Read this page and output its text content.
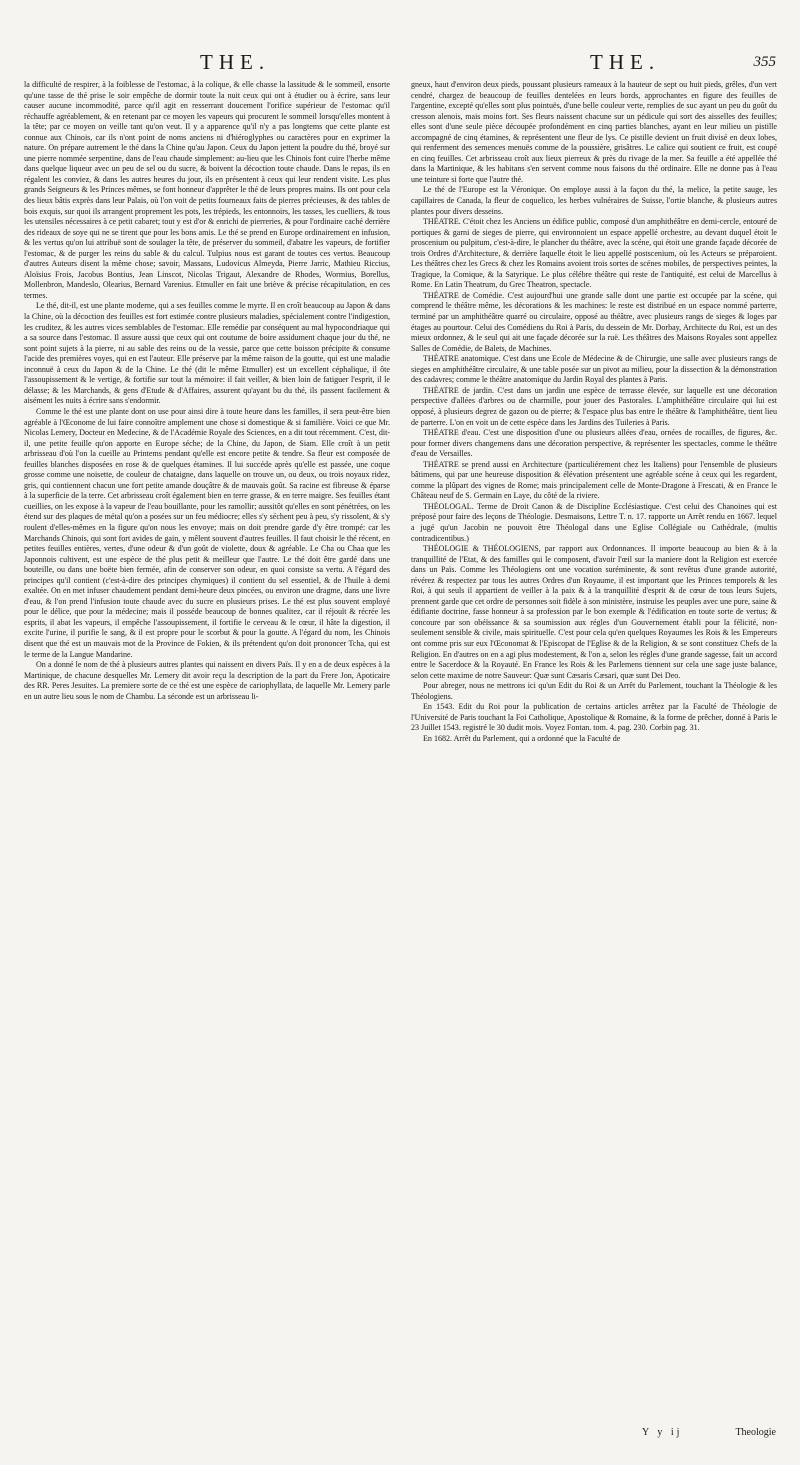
THE.	THE.	355

la difficulté de respirer, à la foiblesse de l'estomac, à la colique, & elle chasse la lassitude & le sommeil, ensorte qu'une tasse de thé prise le soir empêche de dormir toute la nuit ceux qui ont à étudier ou à écrire, sans leur causer aucune incommodité, parce qu'il agit en resserrant doucement l'orifice supérieur de l'estomac qu'il réchauffe agréablement, & en retenant par ce moyen les vapeurs qui procurent le sommeil lorsqu'elles montent à la tête; par ce moyen on veille tant qu'on veut. Il y a apparence qu'il n'y a pas longtems que cette plante est connue aux Chinois, car ils n'ont point de noms anciens ni d'hiéroglyphes ou caractères pour en exprimer la nature. On prépare autrement le thé dans la Chine qu'au Japon. Ceux du Japon jettent la poudre du thé, broyé sur une pierre nommée serpentine, dans de l'eau chaude simplement: au-lieu que les Chinois font cuire l'herbe même dans quelque liqueur avec un peu de sel ou du sucre, & boivent la décoction toute chaude. Dans le repas, ils en régalent les conviez, & dans les autres heures du jour, ils en présentent à ceux qui leur rendent visite. Les plus grands Seigneurs & les Princes mêmes, se font honneur d'apprêter le thé de leurs propres mains. Ils ont pour cela des lieux bâtis exprès dans leur Palais, où l'on voit de petits fourneaux faits de pierres précieuses, & des tables de bois exquis, sur quoi ils arrangent proprement les pots, les trépieds, les entonnoirs, les tasses, les cuelliers, & tous les utensiles nécessaires à ce petit cabaret; tout y est d'or & enrichi de pierreries, & pour l'ordinaire caché derrière des rideaux de soye qui ne se tirent que pour les bons amis. Le thé se prend en Europe ordinairement en infusion, & les vertus qu'on lui attribuë sont de soulager la tête, de préserver du sommeil, d'abatre les vapeurs, de fortifier l'estomac, & de purger les reins du sable & du calcul. Tulpius nous est garant de toutes ces vertus. Beaucoup d'autres Auteurs disent la même chose; savoir, Massans, Ludovicus Almeyda, Pierre Jarric, Mathieu Riccius, Aloïsius Frois, Jacobus Bontius, Jean Linscot, Nicolas Trigaut, Alexandre de Rhodes, Wormius, Borellus, Mollenbron, Mandeslo, Olearius, Bernard Varenius. Etmuller en fait une briève & précise récapitulation, en ces termes.

Le thé, dit-il, est une plante moderne, qui a ses feuilles comme le myrte. Il en croît beaucoup au Japon & dans la Chine, où la décoction des feuilles est fort estimée contre plusieurs maladies, spécialement contre l'indigestion, les cruditez, & les autres vices semblables de l'estomac. Elle remédie par conséquent au mal hypocondriaque qui a sa source dans l'estomac. Il assure aussi que ceux qui ont coutume de boire assidument chaque jour du thé, ne sont point sujets à la pierre, ni au sable des reins ou de la vessie, parce que cette boisson précipite & consume l'acide des premières voyes, qui en est l'auteur. Elle préserve par la même raison de la goutte, qui est une maladie inconnuë à ceux du Japon & de la Chine. Le thé (dit le même Etmuller) est un excellent céphalique, il ôte l'assoupissement & le vertige, & fortifie sur tout la mémoire: il fait veiller, & bien loin de fatiguer l'esprit, il le délasse; & les Marchands, & gens d'Etude & d'Affaires, assurent qu'ayant bu du thé, ils passent facilement & aisément les nuits à écrire sans s'endormir.

Comme le thé est une plante dont on use pour ainsi dire à toute heure dans les familles, il sera peut-être bien agréable à l'Œconome de lui faire connoître amplement une chose si domestique & si familière. Voici ce que Mr. Nicolas Lemery, Docteur en Medecine, & de l'Académie Royale des Sciences, en a dit tout récemment. C'est, dit-il, une petite feuille qu'on apporte en Europe séche; de la Chine, du Japon, de Siam. Elle croît à un petit arbrisseau d'où l'on la cueille au Printems pendant qu'elle est encore petite & tendre. Sa fleur est composée de feuilles blanches disposées en rose & de quelques étamines. Il lui succéde après qu'elle est passée, une coque grosse comme une noisette, de couleur de chataigne, dans laquelle on trouve un, ou deux, ou trois noyaux ridez, gris, qui contiennent chacun une fort petite amande douçâtre & de mauvais goût. Sa racine est fibreuse & éparse à la superficie de la terre. Cet arbrisseau croît également bien en terre grasse, & en terre maigre. Ses feuilles étant cueillies, on les expose à la vapeur de l'eau bouillante, pour les ramollir; aussitôt qu'elles en sont pénétrées, on les étend sur des plaques de métal qu'on a posées sur un feu médiocre; elles s'y séchent peu à peu, s'y rissolent, & s'y roulent d'elles-mêmes en la figure qu'on nous les envoye; mais on doit prendre garde d'y être trompé: car les Marchands Chinois, qui sont fort avides de gain, y mêlent souvent d'autres feuilles. Il faut choisir le thé récent, en petites feuilles entières, vertes, d'une odeur & d'un goût de violette, doux & agréable. Le Cha ou Chaa que les Japonnois cultivent, est une espèce de thé plus petit & meilleur que l'autre. Le thé doit être gardé dans une bouteille, ou dans une boëte bien fermée, afin de conserver son odeur, en quoi consiste sa vertu. A l'égard des principes qu'il contient (c'est-à-dire des principes chymiques) il contient du sel essentiel, & de l'huile à demi exaltée. On en met infuser chaudement pendant demi-heure deux pincées, ou environ une dragme, dans une livre d'eau, & l'on prend l'infusion toute chaude avec du sucre en plusieurs prises. Le thé est plus souvent employé pour le délice, que pour la médecine; mais il posséde beaucoup de bonnes qualitez, car il réjouït & récrée les esprits, il abat les vapeurs, il empêche l'assoupissement, il fortifie le cerveau & le cœur, il hâte la digestion, il excite l'urine, il purifie le sang, & il est propre pour le scorbut & pour la goutte. A l'égard du nom, les Chinois disent que thé est un mauvais mot de la Province de Fokien, & ils prétendent qu'on doit prononcer Tcha, qui est le terme de la Langue Mandarine.

On a donné le nom de thé à plusieurs autres plantes qui naissent en divers Païs. Il y en a de deux espèces à la Martinique, de chacune desquelles Mr. Lemery dit avoir reçu la description de la part du Frere Jon, Apoticaire des RR. Peres Jesuites. La premiere sorte de ce thé est une espèce de cariophyllata, de laquelle Mr. Lemery parle en un autre lieu sous le nom de Chambu. La séconde est un arbrisseau li-

gneux, haut d'environ deux pieds, poussant plusieurs rameaux à la hauteur de sept ou huit pieds, grêles, d'un vert cendré, chargez de beaucoup de feuilles dentelées en leurs bords, approchantes en figure des feuilles de l'argentine, excepté qu'elles sont plus pointuës, d'une belle couleur verte, remplies de suc ayant un peu du goût du cresson alenois, mais moins fort. Ses fleurs naissent chacune sur un pédicule qui sort des aisselles des feuilles; elles sont d'une seule pièce découpée profondément en cinq parties blanches, ayant en leur milieu un pistille accompagné de cinq étamines, & représentent une fleur de lys. Ce pistille devient un fruit divisé en deux lobes, qui renferment des semences menuës comme de la poussière, grisâtres. Le calice qui soutient ce fruit, est coupé en cinq feuilles. Cet arbrisseau croît aux lieux pierreux & près du rivage de la mer. Sa feuille a été appellée thé dans la Martinique, & les habitans s'en servent comme nous faisons du thé ordinaire. Elle ne donne pas à l'eau une teinture si forte que l'autre thé.

Le thé de l'Europe est la Véronique. On employe aussi à la façon du thé, la melice, la petite sauge, les capillaires de Canada, la fleur de coquelico, les herbes vulnéraires de Suisse, l'ortie blanche, & plusieurs autres plantes pour divers desseins.

THÉATRE. C'étoit chez les Anciens un édifice public, composé d'un amphithéâtre en demi-cercle, entouré de portiques & garni de sieges de pierre, qui environnoient un espace appellé orchestre, au devant duquel étoit le proscenium ou pulpitum, c'est-à-dire, le plancher du théâtre, avec la scéne, qui étoit une grande façade décorée de trois Ordres d'Architecture, & derrière laquelle étoit le lieu appellé postscenium, où les Acteurs se préparoient. Les théâtres chez les Grecs & chez les Romains avoient trois sortes de scénes mobiles, de perspectives peintes, la Tragique, la Comique, & la Satyrique. Le plus célébre théâtre qui reste de l'antiquité, est celui de Marcellus à Rome. En Latin Theatrum, du Grec Theatron, spectacle.

THÉATRE de Comédie. C'est aujourd'hui une grande salle dont une partie est occupée par la scéne, qui comprend le théâtre même, les décorations & les machines: le reste est distribué en un espace nommé parterre, terminé par un amphithéâtre quarré ou circulaire, opposé au théâtre, avec plusieurs rangs de sieges & loges par étages au pourtour. Celui des Comédiens du Roi à Paris, du dessein de Mr. Dorbay, Architecte du Roi, est un des mieux ordonnez, & le seul qui ait une façade décorée sur la ruë. Les théâtres des Maisons Royales sont appellez Salles de Comédie, de Balets, de Machines.

THÉATRE anatomique. C'est dans une Ecole de Médecine & de Chirurgie, une salle avec plusieurs rangs de sieges en amphithéâtre circulaire, & une table posée sur un pivot au milieu, pour la dissection & la démonstration des cadavres; comme le théâtre anatomique du Jardin Royal des plantes à Paris.

THÉATRE de jardin. C'est dans un jardin une espèce de terrasse élevée, sur laquelle est une décoration perspective d'allées d'arbres ou de charmille, pour jouer des Pastorales. L'amphithéâtre circulaire qui lui est opposé, à plusieurs degrez de gazon ou de pierre; & l'espace plus bas entre le théâtre & l'amphithéâtre, tient lieu de parterre. L'on en voit un de cette espèce dans les Jardins des Tuileries à Paris.

THÉATRE d'eau. C'est une disposition d'une ou plusieurs allées d'eau, ornées de rocailles, de figures, &c. pour former divers changemens dans une décoration perspective, & représenter les spectacles, comme le théâtre d'eau de Versailles.

THÉATRE se prend aussi en Architecture (particuliérement chez les Italiens) pour l'ensemble de plusieurs bâtimens, qui par une heureuse disposition & élévation présentent une agréable scéne à ceux qui les regardent, comme la plûpart des vignes de Rome; mais principalement celle de Monte-Dragone à Frescati, & en France le Château neuf de S. Germain en Laye, du côté de la riviere.

THÉOLOGAL. Terme de Droit Canon & de Discipline Ecclésiastique. C'est celui des Chanoines qui est préposé pour faire des leçons de Théologie. Desmaisons, Lettre T. n. 17. rapporte un Arrêt rendu en 1667. lequel a jugé qu'un Jacobin ne pouvoit être Théologal dans une Eglise Collégiale ou Cathédrale, (multis contradicentibus.)

THÉOLOGIE & THÉOLOGIENS, par rapport aux Ordonnances. Il importe beaucoup au bien & à la tranquillité de l'Etat, & des familles qui le composent, d'avoir l'œil sur la maniere dont la Religion est exercée dans un Païs. Comme les Théologiens ont une vocation suréminente, & sont revêtus d'une grande autorité, révérez & respectez par tous les autres Ordres d'un Royaume, il est important que les Princes temporels & les Roi, à qui seuls il appartient de veiller à la paix & à la tranquillité d'esprit & de cœur de tous leurs Sujets, prennent garde que cet ordre de personnes soit fidèle à son ministère, instruise les peuples avec une pure, saine & édifiante doctrine, fasse honneur à sa profession par le bon exemple & l'édification en toute sorte de vertus; & concoure par son obéïssance & sa soumission aux régles d'un Gouvernement établi pour la félicité, non-seulement sensible & civile, mais spirituelle. C'est pour cela qu'en quelques Royaumes les Rois & les Empereurs ont comme pris sur eux l'Œconomat & l'Episcopat de l'Eglise & de la Religion, & se sont constituez Chefs de la Religion. En d'autres on en a agi plus modestement, & l'on a, selon les régles d'une grande sagesse, fait un accord entre le Sacerdoce & la Royauté. En France les Rois & les Parlemens tiennent sur cela une sage juste balance, selon cette maxime de notre Sauveur: Quæ sunt Cæsaris Cæsari, quæ sunt Dei Deo.

Pour abreger, nous ne mettrons ici qu'un Edit du Roi & un Arrêt du Parlement, touchant la Théologie & les Théologiens.

En 1543. Edit du Roi pour la publication de certains articles arrêtez par la Faculté de Théologie de l'Université de Paris touchant la Foi Catholique, Apostolique & Romaine, & la forme de prêcher, donné à Paris le 23 Juillet 1543. registré le 30 dudit mois. Voyez Fontan. tom. 4. pag. 230. Corbin pag. 31.

En 1682. Arrêt du Parlement, qui a ordonné que la Faculté de

Y y ij	Theologie
